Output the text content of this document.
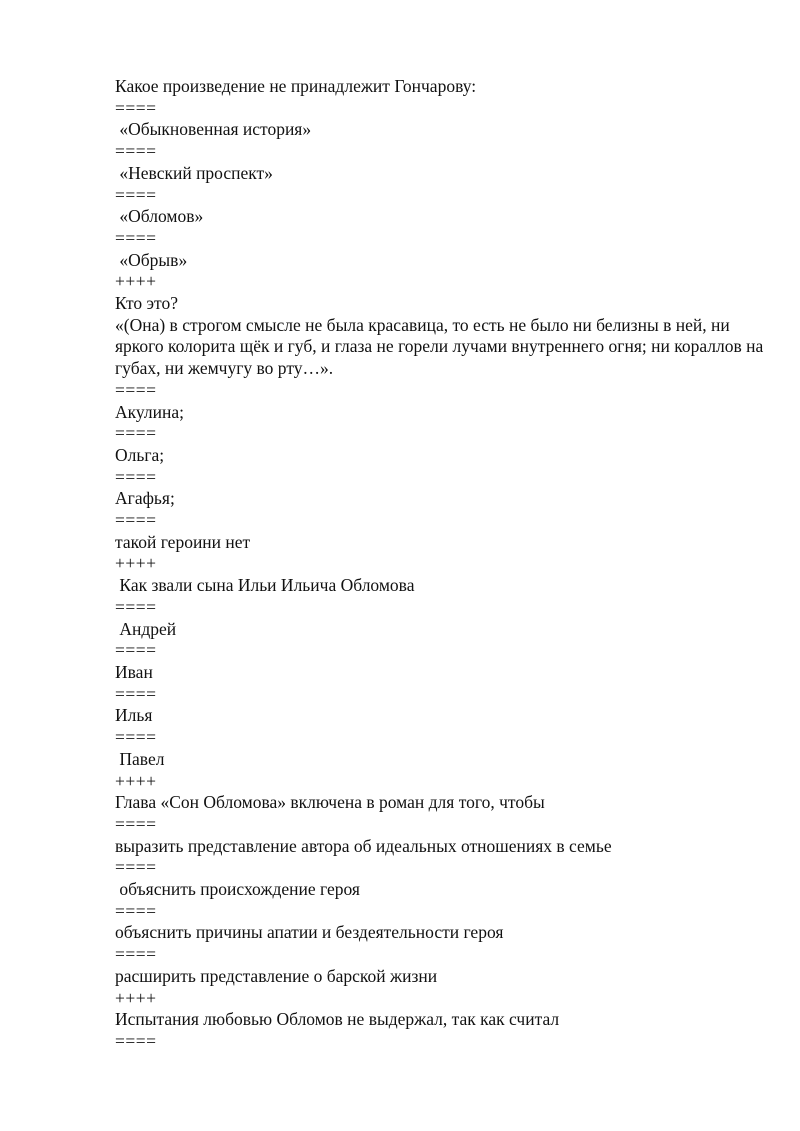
Какое произведение не принадлежит Гончарову:
====
«Обыкновенная история»
====
«Невский проспект»
====
«Обломов»
====
«Обрыв»
++++
Кто это?
«(Она) в строгом смысле не была красавица, то есть не было ни белизны в ней, ни яркого колорита щёк и губ, и глаза не горели лучами внутреннего огня; ни кораллов на губах, ни жемчугу во рту…».
====
Акулина;
====
Ольга;
====
Агафья;
====
такой героини нет
++++
Как звали сына Ильи Ильича Обломова
====
Андрей
====
Иван
====
Илья
====
Павел
++++
Глава «Сон Обломова» включена в роман для того, чтобы
====
выразить представление автора об идеальных отношениях в семье
====
объяснить происхождение героя
====
объяснить причины апатии и бездеятельности героя
====
расширить представление о барской жизни
++++
Испытания любовью Обломов не выдержал, так как считал
====
